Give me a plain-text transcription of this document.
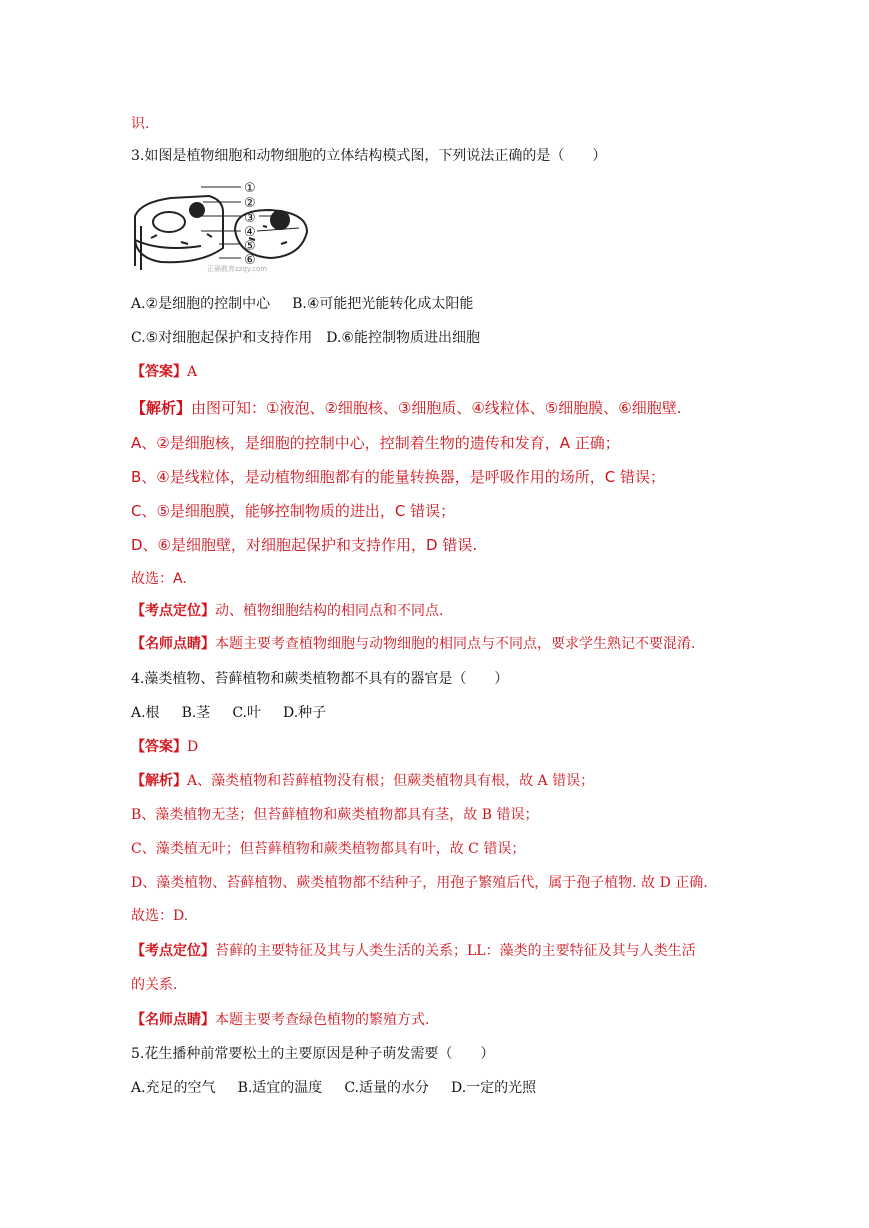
识.
3.如图是植物细胞和动物细胞的立体结构模式图，下列说法正确的是（　　）
①
②
③
④
⑤
⑥
正确教育zzqy.com
A.②是细胞的控制中心 B.④可能把光能转化成太阳能
C.⑤对细胞起保护和支持作用 D.⑥能控制物质进出细胞
【答案】A
【解析】由图可知：①液泡、②细胞核、③细胞质、④线粒体、⑤细胞膜、⑥细胞壁.
A、②是细胞核，是细胞的控制中心，控制着生物的遗传和发育，A 正确；
B、④是线粒体，是动植物细胞都有的能量转换器，是呼吸作用的场所，C 错误；
C、⑤是细胞膜，能够控制物质的进出，C 错误；
D、⑥是细胞壁，对细胞起保护和支持作用，D 错误.
故选：A.
【考点定位】动、植物细胞结构的相同点和不同点.
【名师点睛】本题主要考查植物细胞与动物细胞的相同点与不同点，要求学生熟记不要混淆.
4.藻类植物、苔藓植物和蕨类植物都不具有的器官是（　　）
A.根 B.茎 C.叶 D.种子
【答案】D
【解析】A、藻类植物和苔藓植物没有根；但蕨类植物具有根，故 A 错误；
B、藻类植物无茎；但苔藓植物和蕨类植物都具有茎，故 B 错误；
C、藻类植无叶；但苔藓植物和蕨类植物都具有叶，故 C 错误；
D、藻类植物、苔藓植物、蕨类植物都不结种子，用孢子繁殖后代，属于孢子植物. 故 D 正确.
故选：D.
【考点定位】苔藓的主要特征及其与人类生活的关系；LL：藻类的主要特征及其与人类生活
的关系.
【名师点睛】本题主要考查绿色植物的繁殖方式.
5.花生播种前常要松土的主要原因是种子萌发需要（　　）
A.充足的空气 B.适宜的温度 C.适量的水分 D.一定的光照
